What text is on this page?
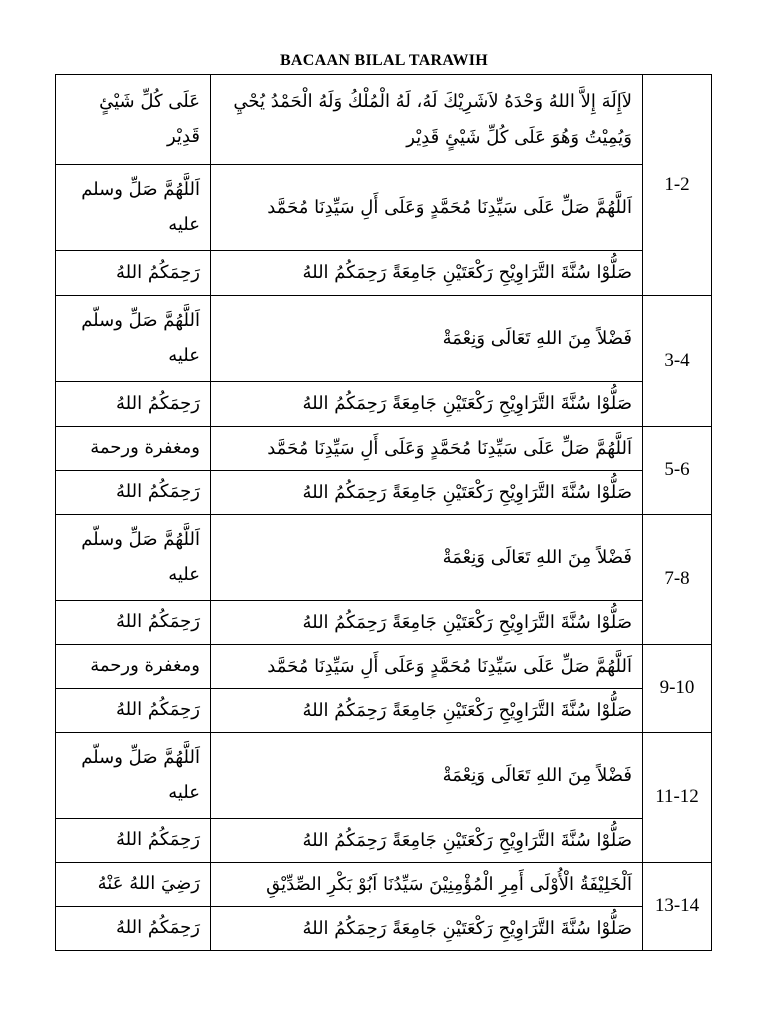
BACAAN BILAL TARAWIH
عَلَى كُلِّ شَيْئٍ قَدِيْر	لاَإِلَهَ إِلاَّ اللهُ وَحْدَهُ لاَشَرِيْكَ لَهُ، لَهُ الْمُلْكُ وَلَهُ الْحَمْدُ يُحْيِ وَيُمِيْتُ وَهُوَ عَلَى كُلِّ شَيْئٍ قَدِيْر	1-2
اَللَّهُمَّ صَلِّ وسلم عليه	اَللَّهُمَّ صَلِّ عَلَى سَيِّدِنَا مُحَمَّدٍ وَعَلَى أَلِ سَيِّدِنَا مُحَمَّد	
رَحِمَكُمُ اللهُ	صَلُّوْا سُنَّةَ التَّرَاوِيْحِ رَكْعَتَيْنِ جَامِعَةً رَحِمَكُمُ اللهُ	
اَللَّهُمَّ صَلِّ وسلّم عليه	فَضْلاً مِنَ اللهِ تَعَالَى وَنِعْمَةْ	3-4
رَحِمَكُمُ اللهُ	صَلُّوْا سُنَّةَ التَّرَاوِيْحِ رَكْعَتَيْنِ جَامِعَةً رَحِمَكُمُ اللهُ	
ومغفرة ورحمة	اَللَّهُمَّ صَلِّ عَلَى سَيِّدِنَا مُحَمَّدٍ وَعَلَى أَلِ سَيِّدِنَا مُحَمَّد	5-6
رَحِمَكُمُ اللهُ	صَلُّوْا سُنَّةَ التَّرَاوِيْحِ رَكْعَتَيْنِ جَامِعَةً رَحِمَكُمُ اللهُ	
اَللَّهُمَّ صَلِّ وسلّم عليه	فَضْلاً مِنَ اللهِ تَعَالَى وَنِعْمَةْ	7-8
رَحِمَكُمُ اللهُ	صَلُّوْا سُنَّةَ التَّرَاوِيْحِ رَكْعَتَيْنِ جَامِعَةً رَحِمَكُمُ اللهُ	
ومغفرة ورحمة	اَللَّهُمَّ صَلِّ عَلَى سَيِّدِنَا مُحَمَّدٍ وَعَلَى أَلِ سَيِّدِنَا مُحَمَّد	9-10
رَحِمَكُمُ اللهُ	صَلُّوْا سُنَّةَ التَّرَاوِيْحِ رَكْعَتَيْنِ جَامِعَةً رَحِمَكُمُ اللهُ	
اَللَّهُمَّ صَلِّ وسلّم عليه	فَضْلاً مِنَ اللهِ تَعَالَى وَنِعْمَةْ	11-12
رَحِمَكُمُ اللهُ	صَلُّوْا سُنَّةَ التَّرَاوِيْحِ رَكْعَتَيْنِ جَامِعَةً رَحِمَكُمُ اللهُ	
رَضِيَ اللهُ عَنْهُ	اَلْخَلِيْفَةُ الْأُوْلَى أَمِرِ الْمُؤْمِنِيْنَ سَيِّدُنَا اَبُوْ بَكْرِ الصِّدِّيْقِ	13-14
رَحِمَكُمُ اللهُ	صَلُّوْا سُنَّةَ التَّرَاوِيْحِ رَكْعَتَيْنِ جَامِعَةً رَحِمَكُمُ اللهُ	
